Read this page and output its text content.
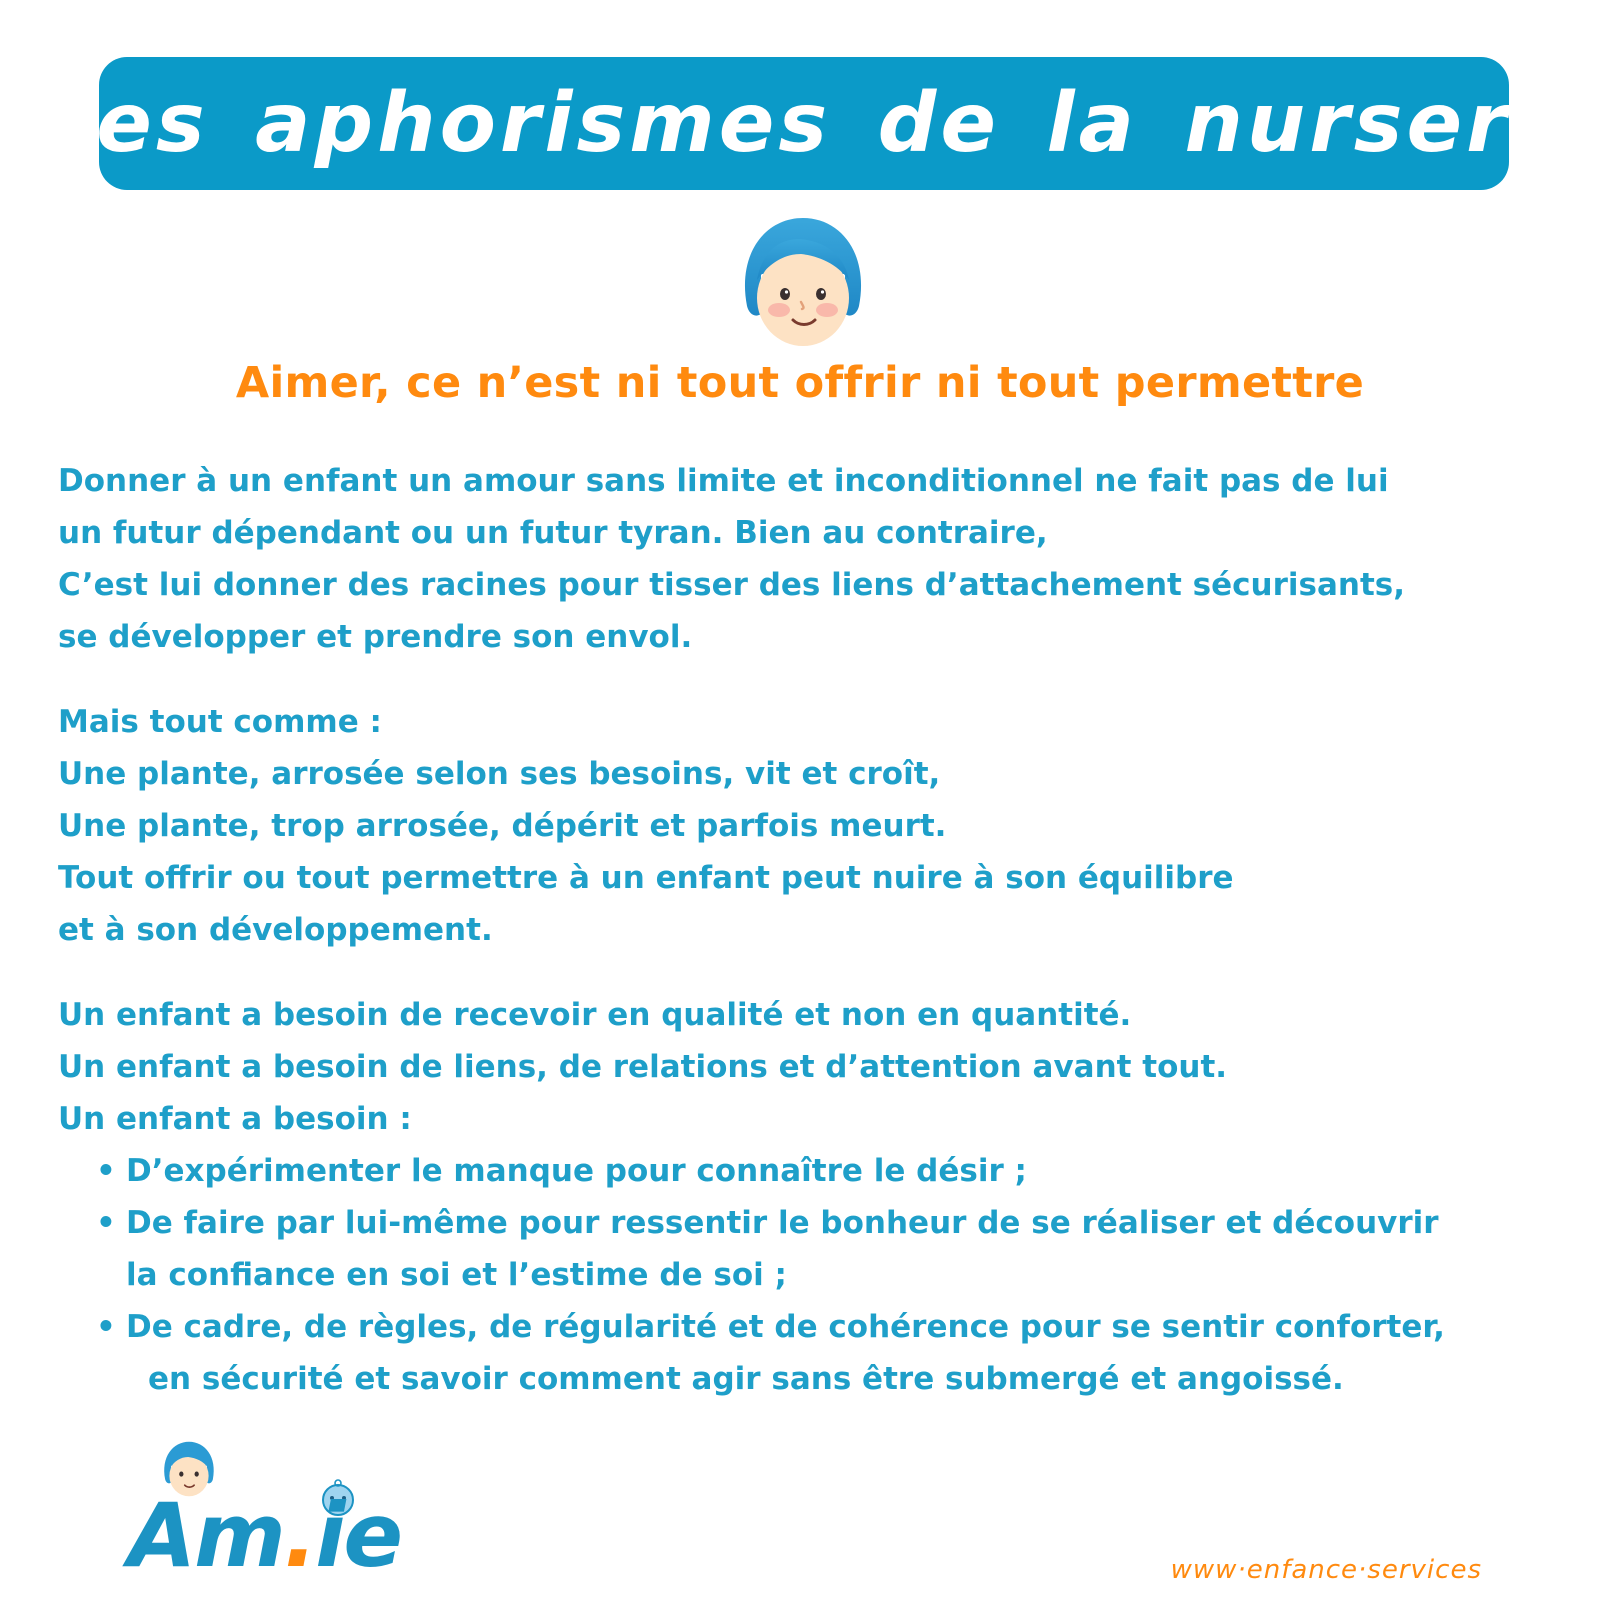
Les aphorismes de la nursery
Aimer, ce n’est ni tout offrir ni tout permettre
Donner à un enfant un amour sans limite et inconditionnel ne fait pas de lui
un futur dépendant ou un futur tyran. Bien au contraire,
C’est lui donner des racines pour tisser des liens d’attachement sécurisants,
se développer et prendre son envol.
Mais tout comme :
Une plante, arrosée selon ses besoins, vit et croît,
Une plante, trop arrosée, dépérit et parfois meurt.
Tout offrir ou tout permettre à un enfant peut nuire à son équilibre
et à son développement.
Un enfant a besoin de recevoir en qualité et non en quantité.
Un enfant a besoin de liens, de relations et d’attention avant tout.
Un enfant a besoin :
• D’expérimenter le manque pour connaître le désir ;
• De faire par lui-même pour ressentir le bonheur de se réaliser et découvrir
la confiance en soi et l’estime de soi ;
• De cadre, de règles, de régularité et de cohérence pour se sentir conforter,
en sécurité et savoir comment agir sans être submergé et angoissé.
Am.ie	www·enfance·services
